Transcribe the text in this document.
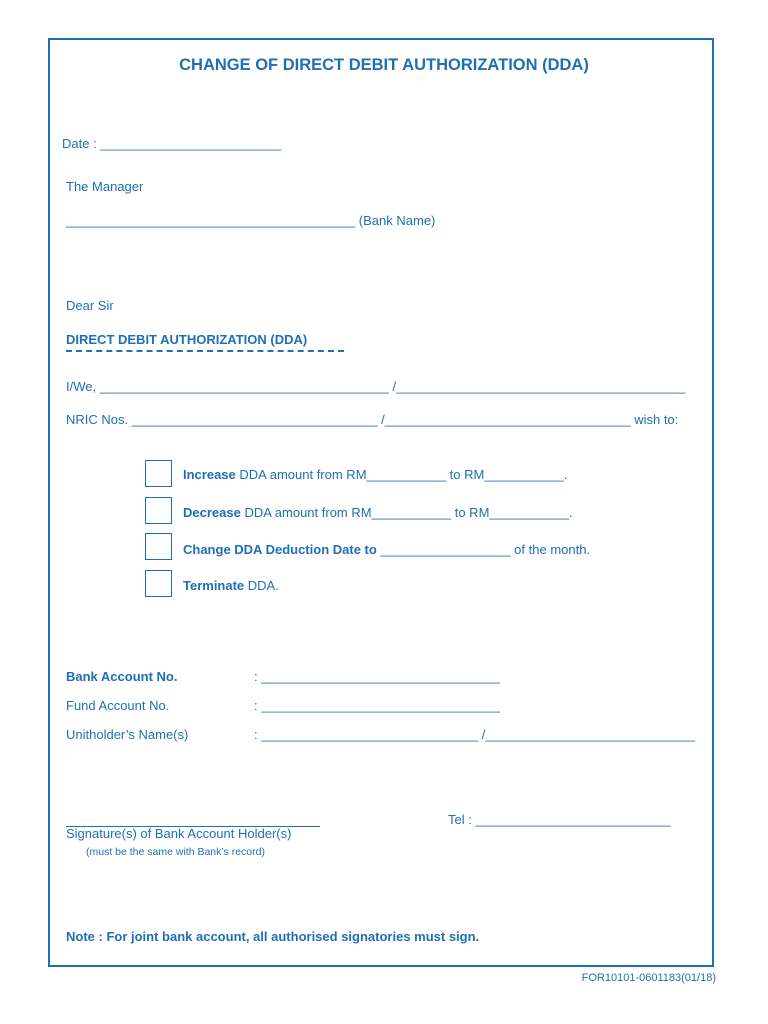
CHANGE OF DIRECT DEBIT AUTHORIZATION (DDA)
Date : _________________________
The Manager
________________________________________ (Bank Name)
Dear Sir
DIRECT DEBIT AUTHORIZATION (DDA)
I/We, ________________________________________ /________________________________________
NRIC Nos. __________________________________ /__________________________________ wish to:
Increase DDA amount from RM___________ to RM___________.
Decrease DDA amount from RM___________ to RM___________.
Change DDA Deduction Date to __________________ of the month.
Terminate DDA.
Bank Account No.	: _________________________________
Fund Account No.	: _________________________________
Unitholder’s Name(s)	: ______________________________ /_____________________________
Signature(s) of Bank Account Holder(s)
(must be the same with Bank’s record)
Tel : ___________________________
Note : For joint bank account, all authorised signatories must sign.
FOR10101-0601183(01/18)
